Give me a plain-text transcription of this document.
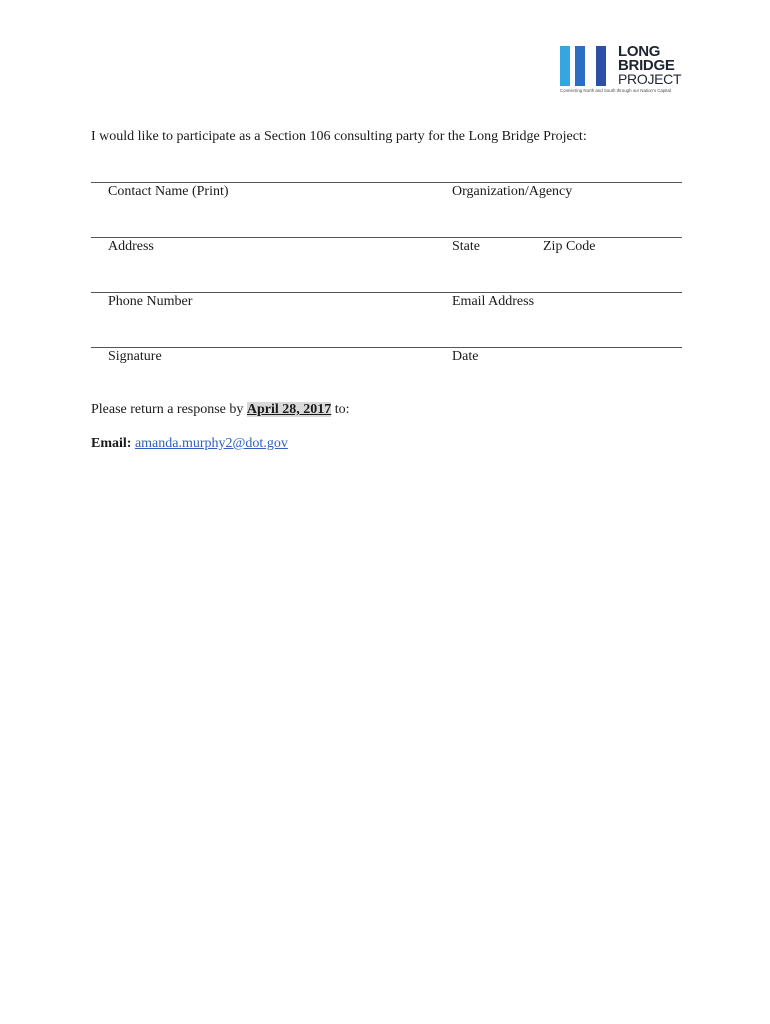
LONG
BRIDGE
PROJECT
Connecting North and South through our Nation's Capital
I would like to participate as a Section 106 consulting party for the Long Bridge Project:
Contact Name (Print)	Organization/Agency
Address	State	Zip Code
Phone Number	Email Address
Signature	Date
Please return a response by April 28, 2017 to:
Email: amanda.murphy2@dot.gov
